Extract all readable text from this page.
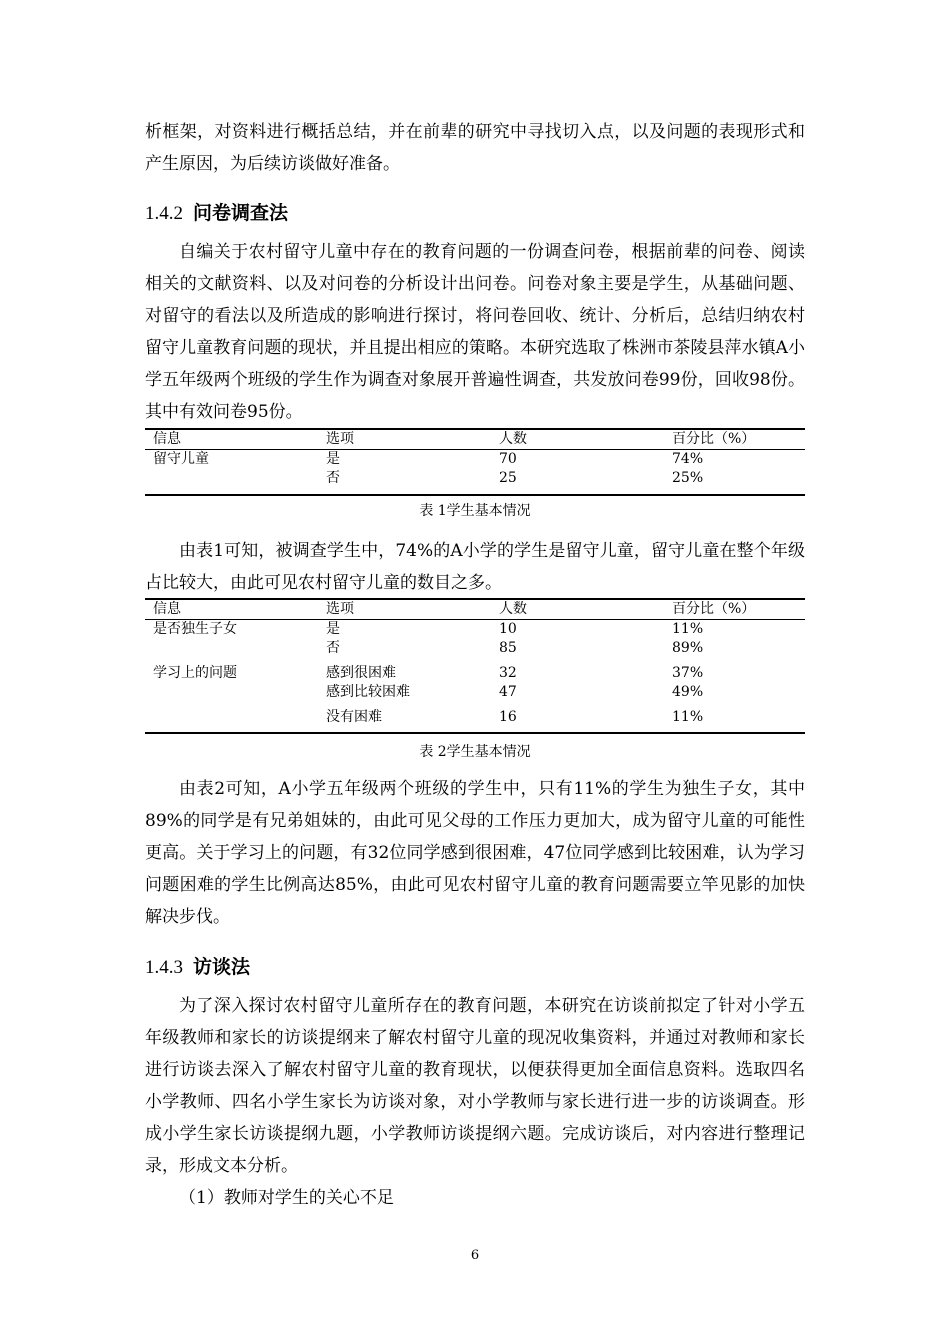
析框架，对资料进行概括总结，并在前辈的研究中寻找切入点，以及问题的表现形式和产生原因，为后续访谈做好准备。

1.4.2 问卷调查法

自编关于农村留守儿童中存在的教育问题的一份调查问卷，根据前辈的问卷、阅读相关的文献资料、以及对问卷的分析设计出问卷。问卷对象主要是学生，从基础问题、对留守的看法以及所造成的影响进行探讨，将问卷回收、统计、分析后，总结归纳农村留守儿童教育问题的现状，并且提出相应的策略。本研究选取了株洲市茶陵县萍水镇A小学五年级两个班级的学生作为调查对象展开普遍性调查，共发放问卷99份，回收98份。其中有效问卷95份。

信息	选项	人数	百分比（%）
留守儿童	是	70	74%
	否	25	25%

表 1学生基本情况

由表1可知，被调查学生中，74%的A小学的学生是留守儿童，留守儿童在整个年级占比较大，由此可见农村留守儿童的数目之多。

信息	选项	人数	百分比（%）
是否独生子女	是	10	11%
	否	85	89%
学习上的问题	感到很困难	32	37%
	感到比较困难	47	49%
	没有困难	16	11%

表 2学生基本情况

由表2可知，A小学五年级两个班级的学生中，只有11%的学生为独生子女，其中89%的同学是有兄弟姐妹的，由此可见父母的工作压力更加大，成为留守儿童的可能性更高。关于学习上的问题，有32位同学感到很困难，47位同学感到比较困难，认为学习问题困难的学生比例高达85%，由此可见农村留守儿童的教育问题需要立竿见影的加快解决步伐。

1.4.3 访谈法

为了深入探讨农村留守儿童所存在的教育问题，本研究在访谈前拟定了针对小学五年级教师和家长的访谈提纲来了解农村留守儿童的现况收集资料，并通过对教师和家长进行访谈去深入了解农村留守儿童的教育现状，以便获得更加全面信息资料。选取四名小学教师、四名小学生家长为访谈对象，对小学教师与家长进行进一步的访谈调查。形成小学生家长访谈提纲九题，小学教师访谈提纲六题。完成访谈后，对内容进行整理记录，形成文本分析。

（1）教师对学生的关心不足

6
